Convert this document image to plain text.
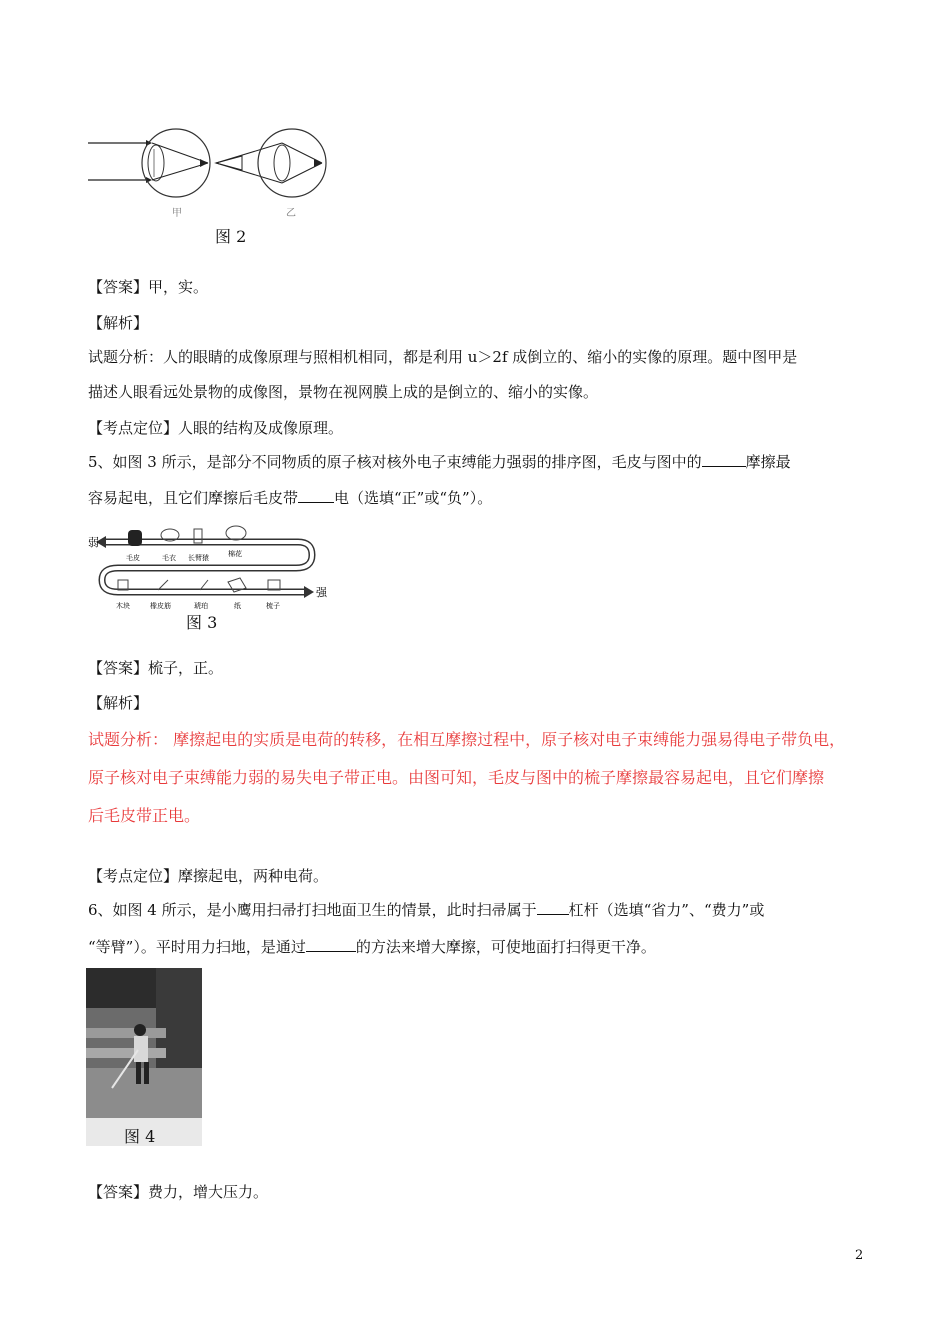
甲	乙
图 2
【答案】甲，实。
【解析】
试题分析：人的眼睛的成像原理与照相机相同，都是利用 u＞2f 成倒立的、缩小的实像的原理。题中图甲是
描述人眼看远处景物的成像图，景物在视网膜上成的是倒立的、缩小的实像。
【考点定位】人眼的结构及成像原理。
5、如图 3 所示，是部分不同物质的原子核对核外电子束缚能力强弱的排序图，毛皮与图中的	摩擦最
容易起电，且它们摩擦后毛皮带 电（选填“正”或“负”）。
弱
强
毛皮	毛衣 长臂猿	棉花
木块	橡皮筋	琥珀	纸	梳子
图 3
【答案】梳子，正。
【解析】
试题分析： 摩擦起电的实质是电荷的转移，在相互摩擦过程中，原子核对电子束缚能力强易得电子带负电，
原子核对电子束缚能力弱的易失电子带正电。由图可知，毛皮与图中的梳子摩擦最容易起电，且它们摩擦
后毛皮带正电。
【考点定位】摩擦起电，两种电荷。
6、如图 4 所示，是小鹰用扫帚打扫地面卫生的情景，此时扫帚属于 杠杆（选填“省力”、“费力”或
“等臂”）。平时用力扫地，是通过	的方法来增大摩擦，可使地面打扫得更干净。
图 4
【答案】费力，增大压力。
2
